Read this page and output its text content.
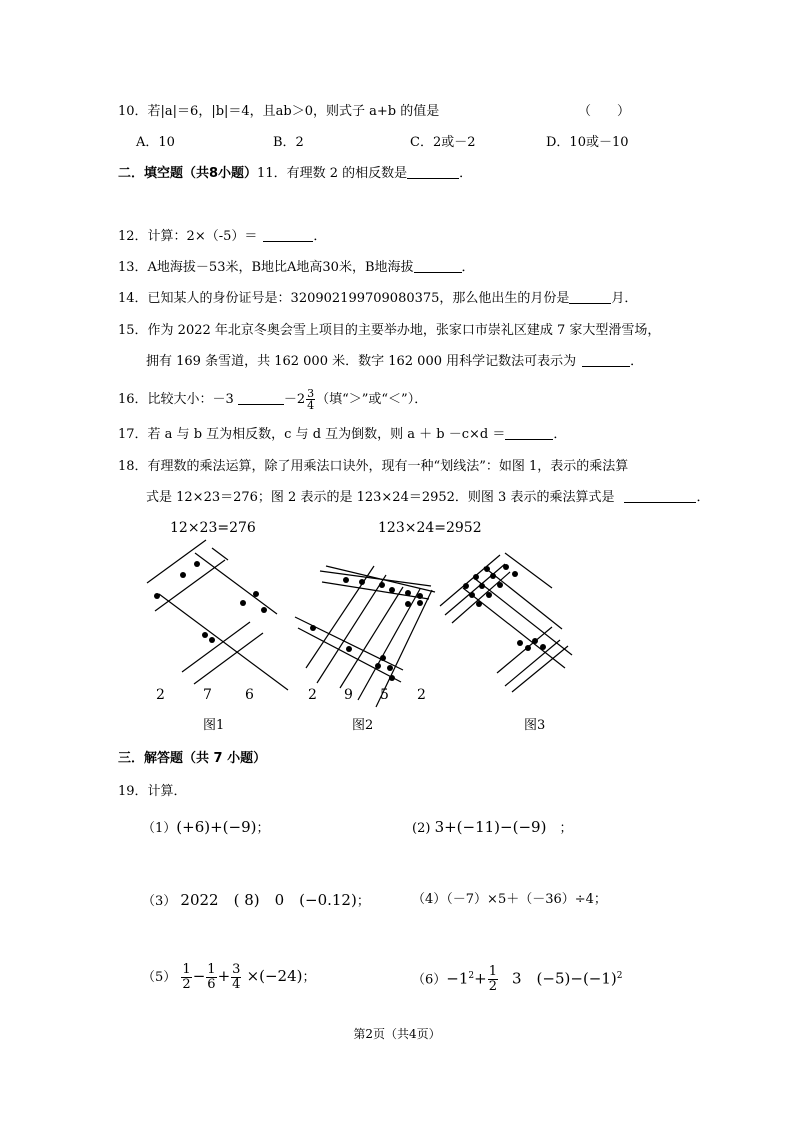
10．若|a|＝6，|b|＝4，且ab＞0，则式子 a+b 的值是	（　　）
A．10	B．2	C．2或－2	D．10或－10
二．填空题（共8小题）11．有理数 2 的相反数是	．
12．计算：2×（-5）＝	．
13．A地海拔－53米，B地比A地高30米，B地海拔	．
14．已知某人的身份证号是：320902199709080375，那么他出生的月份是	月．
15．作为 2022 年北京冬奥会雪上项目的主要举办地，张家口市崇礼区建成 7 家大型滑雪场，
拥有 169 条雪道，共 162 000 米．数字 162 000 用科学记数法可表示为	．
16．比较大小：－3	$-2 \frac{3}{4}$ （填“＞”或“＜”）．
17．若 a 与 b 互为相反数，c 与 d 互为倒数，则 a ＋ b －c×d ＝	．
18．有理数的乘法运算，除了用乘法口诀外，现有一种“划线法”：如图 1，表示的乘法算
式是 12×23＝276；图 2 表示的是 123×24＝2952．则图 3 表示的乘法算式是	．
12×23=276	123×24=2952
2	7 6	2 9 5 2
图1	图2	图3
三．解答题（共 7 小题）
19．计算．
（1）(+6)+(−9)；	(2) 3+(−11)−(−9)　 ；
（3） 2022　( 8)　0　(−0.12)；	（4）（－7）×5＋（－36）÷4；
$(5) \frac{1}{2} - \frac{1}{6} + \frac{3}{4} \times(-24)$；	$(6)-1^2+ \frac{1}{2}$
　 3　$(-5)-(-1)^2$
第2页（共4页）
